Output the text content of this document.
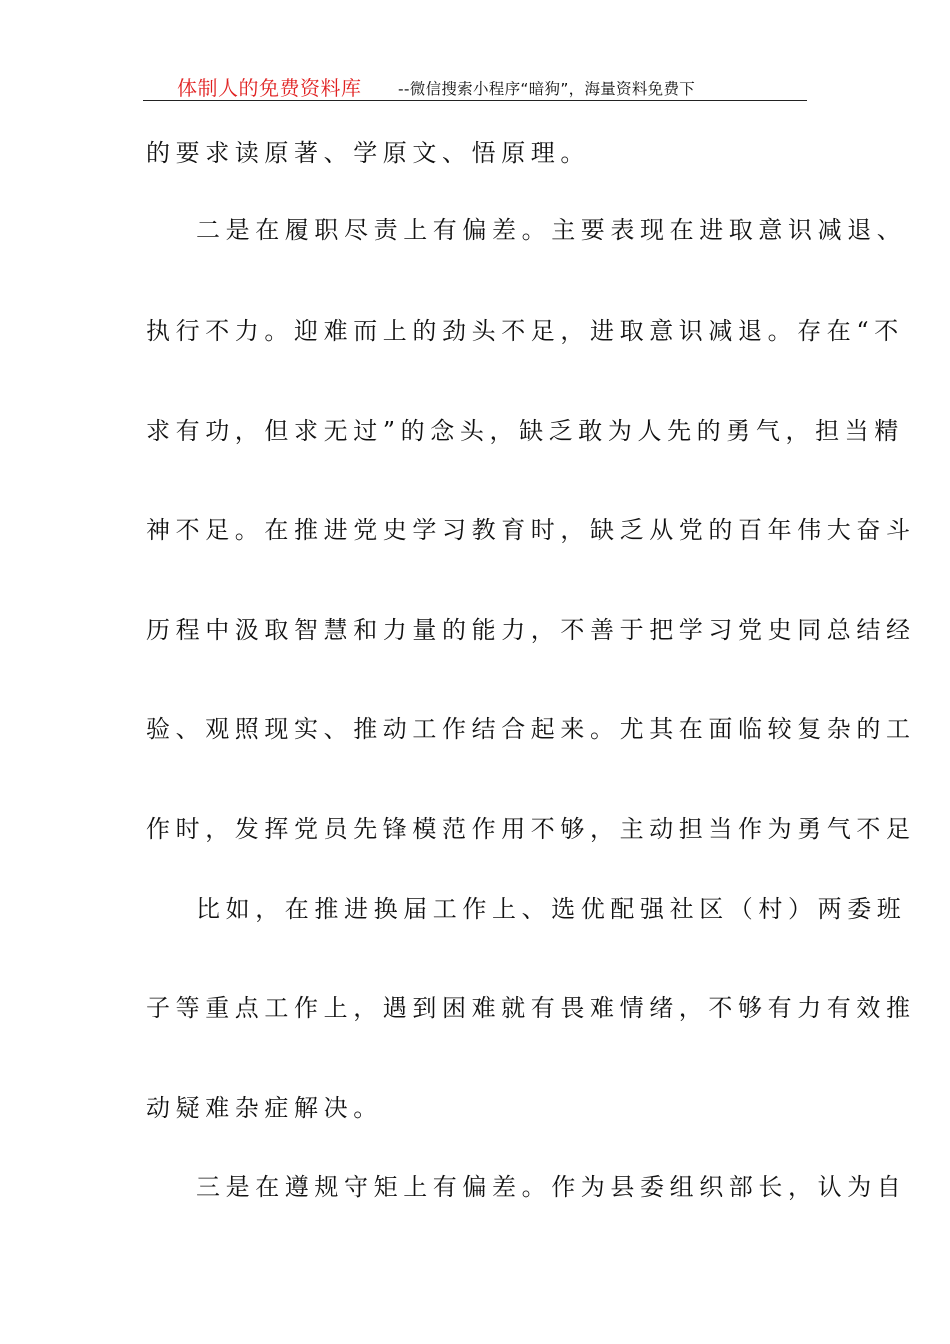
体制人的免费资料库 --微信搜索小程序“暗狗”，海量资料免费下
的要求读原著、学原文、悟原理。
二是在履职尽责上有偏差。主要表现在进取意识减退、
执行不力。迎难而上的劲头不足，进取意识减退。存在“不
求有功，但求无过”的念头，缺乏敢为人先的勇气，担当精
神不足。在推进党史学习教育时，缺乏从党的百年伟大奋斗
历程中汲取智慧和力量的能力，不善于把学习党史同总结经
验、观照现实、推动工作结合起来。尤其在面临较复杂的工
作时，发挥党员先锋模范作用不够，主动担当作为勇气不足
比如，在推进换届工作上、选优配强社区（村）两委班
子等重点工作上，遇到困难就有畏难情绪，不够有力有效推
动疑难杂症解决。
三是在遵规守矩上有偏差。作为县委组织部长，认为自
